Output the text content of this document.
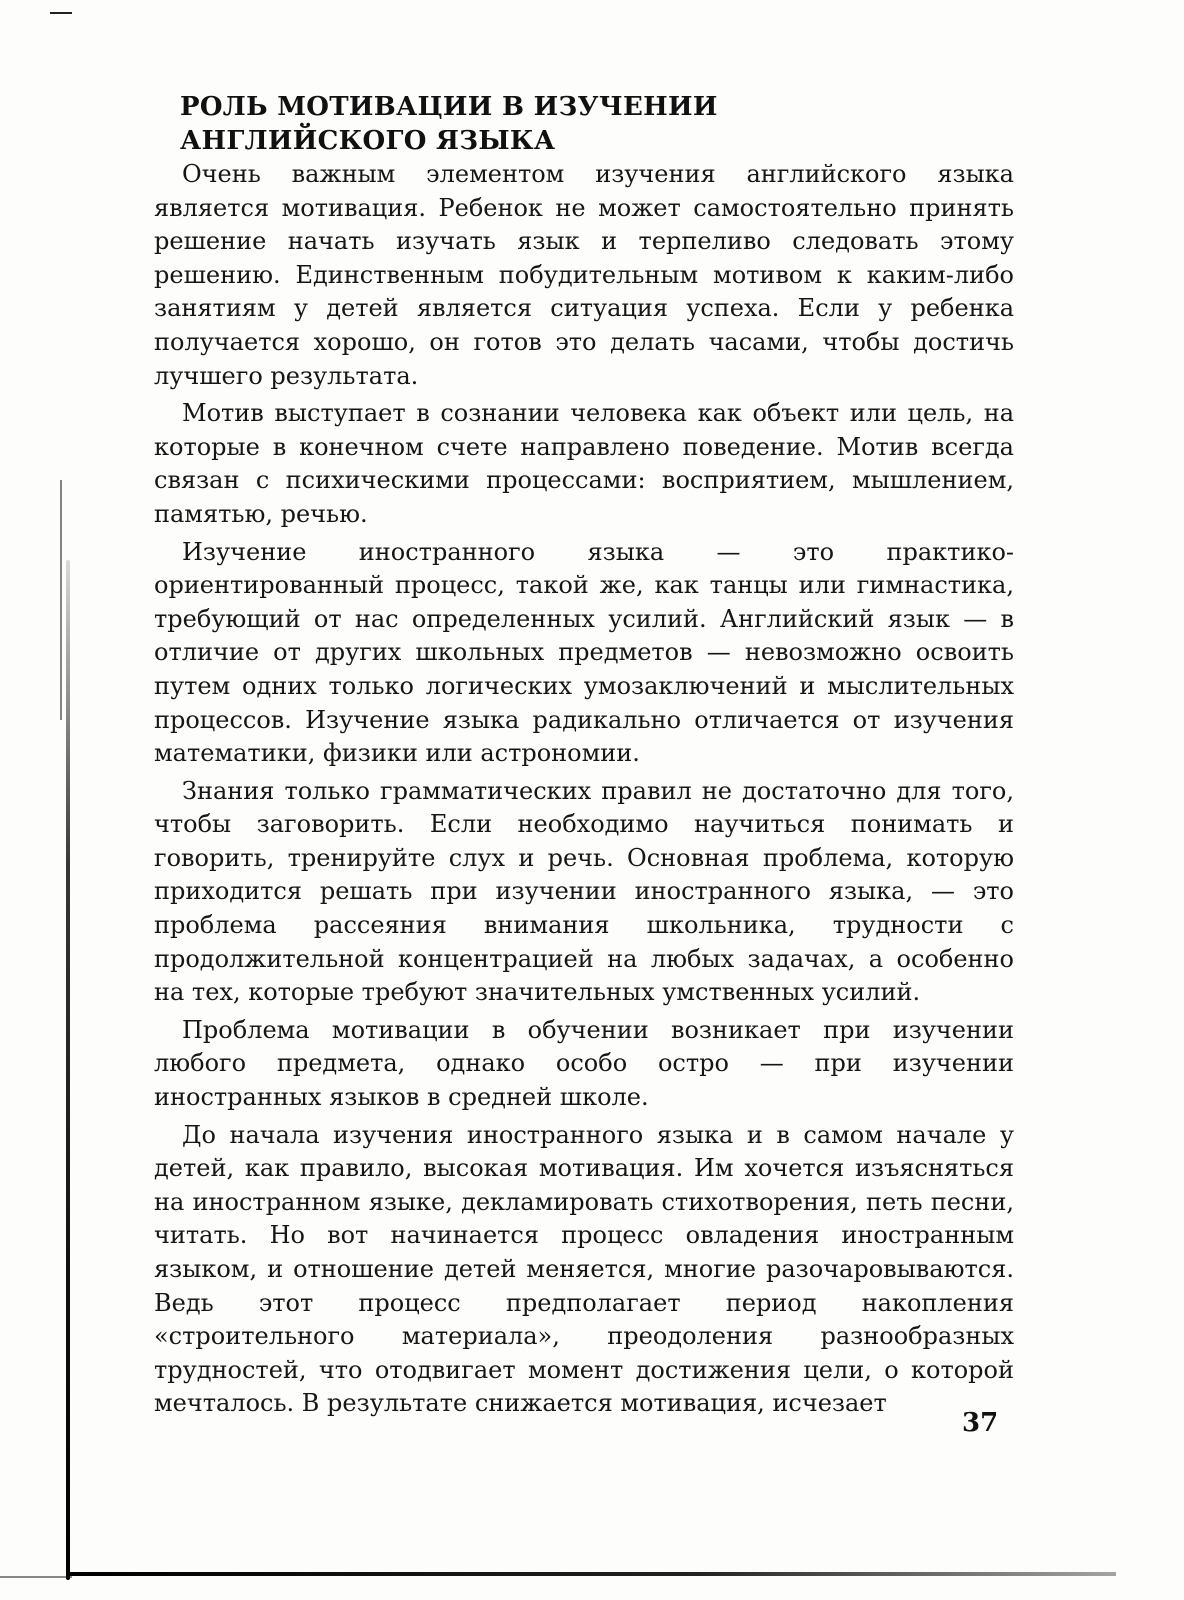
РОЛЬ МОТИВАЦИИ В ИЗУЧЕНИИ
АНГЛИЙСКОГО ЯЗЫКА

Очень важным элементом изучения английского языка является мотивация. Ребенок не может самостоятельно принять решение начать изучать язык и терпеливо следовать этому решению. Единственным побудительным мотивом к каким-либо занятиям у детей является ситуация успеха. Если у ребенка получается хорошо, он готов это делать часами, чтобы достичь лучшего результата.

Мотив выступает в сознании человека как объект или цель, на которые в конечном счете направлено поведение. Мотив всегда связан с психическими процессами: восприятием, мышлением, памятью, речью.

Изучение иностранного языка — это практико-ориентированный процесс, такой же, как танцы или гимнастика, требующий от нас определенных усилий. Английский язык — в отличие от других школьных предметов — невозможно освоить путем одних только логических умозаключений и мыслительных процессов. Изучение языка радикально отличается от изучения математики, физики или астрономии.

Знания только грамматических правил не достаточно для того, чтобы заговорить. Если необходимо научиться понимать и говорить, тренируйте слух и речь. Основная проблема, которую приходится решать при изучении иностранного языка, — это проблема рассеяния внимания школьника, трудности с продолжительной концентрацией на любых задачах, а особенно на тех, которые требуют значительных умственных усилий.

Проблема мотивации в обучении возникает при изучении любого предмета, однако особо остро — при изучении иностранных языков в средней школе.

До начала изучения иностранного языка и в самом начале у детей, как правило, высокая мотивация. Им хочется изъясняться на иностранном языке, декламировать стихотворения, петь песни, читать. Но вот начинается процесс овладения иностранным языком, и отношение детей меняется, многие разочаровываются. Ведь этот процесс предполагает период накопления «строительного материала», преодоления разнообразных трудностей, что отодвигает момент достижения цели, о которой мечталось. В результате снижается мотивация, исчезает

37
